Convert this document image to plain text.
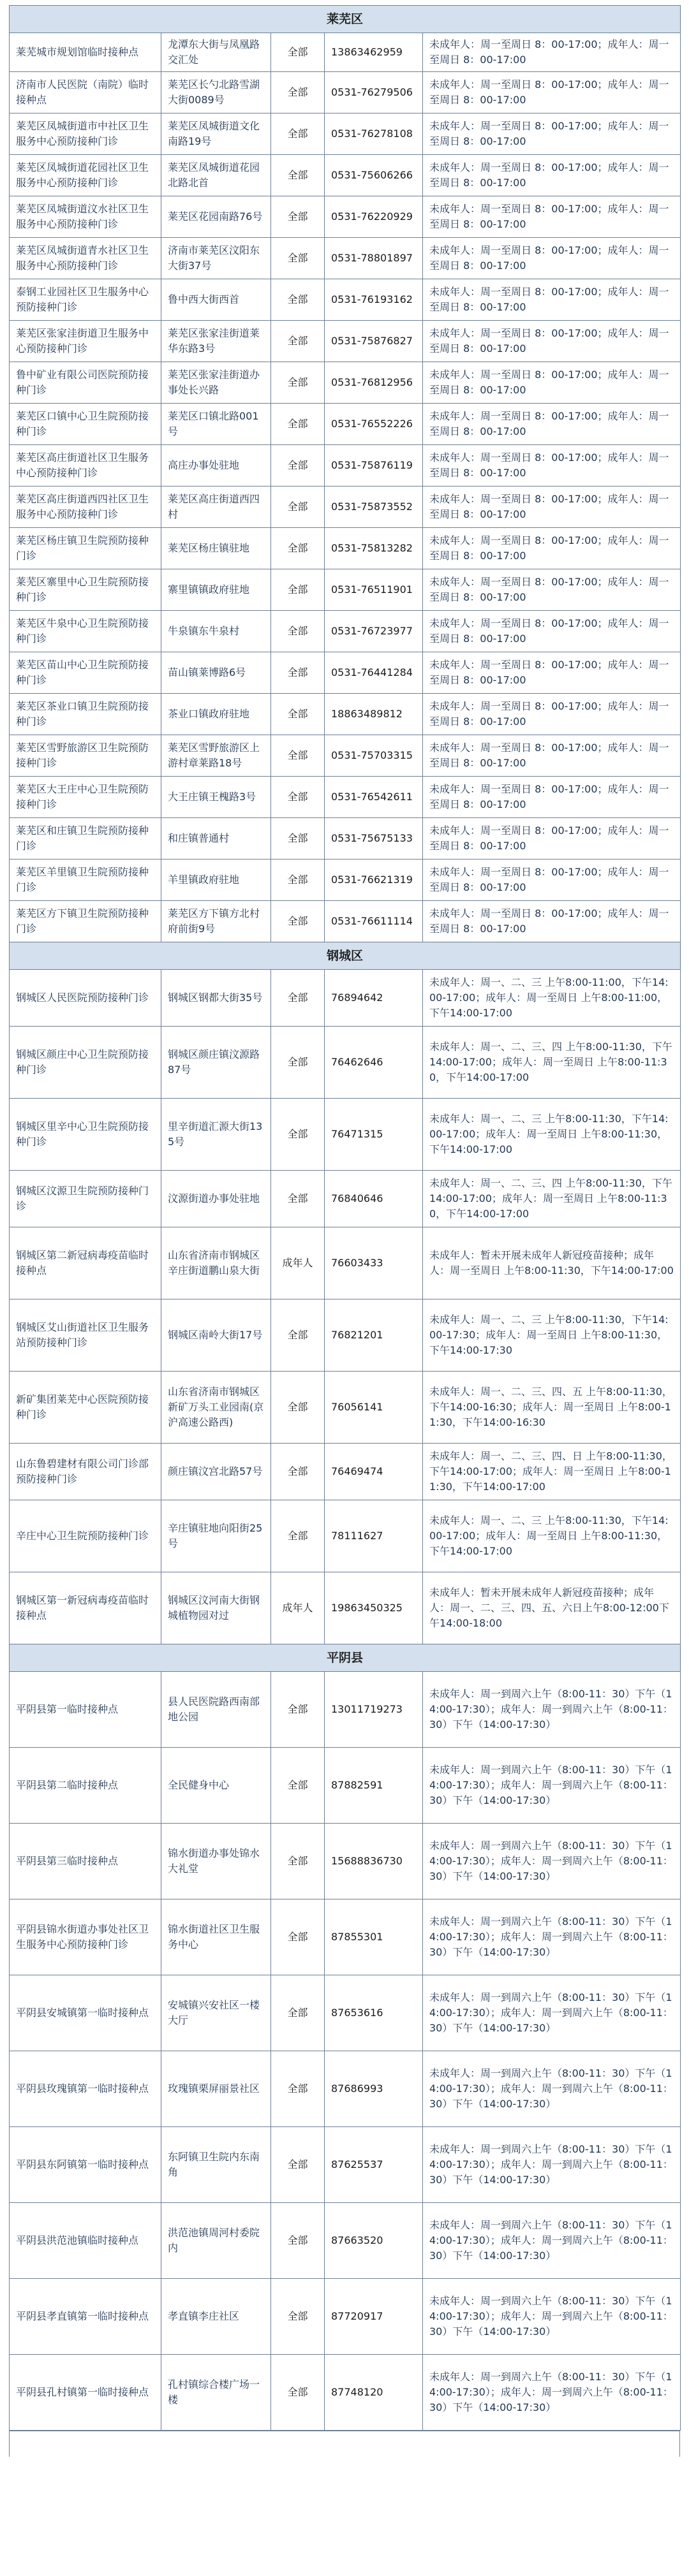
莱芜区				
莱芜城市规划馆临时接种点	龙潭东大街与凤凰路交汇处	全部	13863462959	未成年人：周一至周日 8：00-17:00；成年人：周一至周日 8：00-17:00
济南市人民医院（南院）临时接种点	莱芜区长勺北路雪湖大街0089号	全部	0531-76279506	未成年人：周一至周日 8：00-17:00；成年人：周一至周日 8：00-17:00
莱芜区凤城街道市中社区卫生服务中心预防接种门诊	莱芜区凤城街道文化南路19号	全部	0531-76278108	未成年人：周一至周日 8：00-17:00；成年人：周一至周日 8：00-17:00
莱芜区凤城街道花园社区卫生服务中心预防接种门诊	莱芜区凤城街道花园北路北首	全部	0531-75606266	未成年人：周一至周日 8：00-17:00；成年人：周一至周日 8：00-17:00
莱芜区凤城街道汶水社区卫生服务中心预防接种门诊	莱芜区花园南路76号	全部	0531-76220929	未成年人：周一至周日 8：00-17:00；成年人：周一至周日 8：00-17:00
莱芜区凤城街道青水社区卫生服务中心预防接种门诊	济南市莱芜区汶阳东大街37号	全部	0531-78801897	未成年人：周一至周日 8：00-17:00；成年人：周一至周日 8：00-17:00
泰钢工业园社区卫生服务中心预防接种门诊	鲁中西大街西首	全部	0531-76193162	未成年人：周一至周日 8：00-17:00；成年人：周一至周日 8：00-17:00
莱芜区张家洼街道卫生服务中心预防接种门诊	莱芜区张家洼街道莱华东路3号	全部	0531-75876827	未成年人：周一至周日 8：00-17:00；成年人：周一至周日 8：00-17:00
鲁中矿业有限公司医院预防接种门诊	莱芜区张家洼街道办事处长兴路	全部	0531-76812956	未成年人：周一至周日 8：00-17:00；成年人：周一至周日 8：00-17:00
莱芜区口镇中心卫生院预防接种门诊	莱芜区口镇北路001号	全部	0531-76552226	未成年人：周一至周日 8：00-17:00；成年人：周一至周日 8：00-17:00
莱芜区高庄街道社区卫生服务中心预防接种门诊	高庄办事处驻地	全部	0531-75876119	未成年人：周一至周日 8：00-17:00；成年人：周一至周日 8：00-17:00
莱芜区高庄街道西四社区卫生服务中心预防接种门诊	莱芜区高庄街道西四村	全部	0531-75873552	未成年人：周一至周日 8：00-17:00；成年人：周一至周日 8：00-17:00
莱芜区杨庄镇卫生院预防接种门诊	莱芜区杨庄镇驻地	全部	0531-75813282	未成年人：周一至周日 8：00-17:00；成年人：周一至周日 8：00-17:00
莱芜区寨里中心卫生院预防接种门诊	寨里镇镇政府驻地	全部	0531-76511901	未成年人：周一至周日 8：00-17:00；成年人：周一至周日 8：00-17:00
莱芜区牛泉中心卫生院预防接种门诊	牛泉镇东牛泉村	全部	0531-76723977	未成年人：周一至周日 8：00-17:00；成年人：周一至周日 8：00-17:00
莱芜区苗山中心卫生院预防接种门诊	苗山镇莱博路6号	全部	0531-76441284	未成年人：周一至周日 8：00-17:00；成年人：周一至周日 8：00-17:00
莱芜区茶业口镇卫生院预防接种门诊	茶业口镇政府驻地	全部	18863489812	未成年人：周一至周日 8：00-17:00；成年人：周一至周日 8：00-17:00
莱芜区雪野旅游区卫生院预防接种门诊	莱芜区雪野旅游区上游村章莱路18号	全部	0531-75703315	未成年人：周一至周日 8：00-17:00；成年人：周一至周日 8：00-17:00
莱芜区大王庄中心卫生院预防接种门诊	大王庄镇王槐路3号	全部	0531-76542611	未成年人：周一至周日 8：00-17:00；成年人：周一至周日 8：00-17:00
莱芜区和庄镇卫生院预防接种门诊	和庄镇普通村	全部	0531-75675133	未成年人：周一至周日 8：00-17:00；成年人：周一至周日 8：00-17:00
莱芜区羊里镇卫生院预防接种门诊	羊里镇政府驻地	全部	0531-76621319	未成年人：周一至周日 8：00-17:00；成年人：周一至周日 8：00-17:00
莱芜区方下镇卫生院预防接种门诊	莱芜区方下镇方北村府前街9号	全部	0531-76611114	未成年人：周一至周日 8：00-17:00；成年人：周一至周日 8：00-17:00
钢城区				
钢城区人民医院预防接种门诊	钢城区钢都大街35号	全部	76894642	未成年人：周一、二、三 上午8:00-11:00，下午14:00-17:00；成年人：周一至周日 上午8:00-11:00，下午14:00-17:00
钢城区颜庄中心卫生院预防接种门诊	钢城区颜庄镇汶源路87号	全部	76462646	未成年人：周一、二、三、四 上午8:00-11:30，下午14:00-17:00；成年人：周一至周日 上午8:00-11:30，下午14:00-17:00
钢城区里辛中心卫生院预防接种门诊	里辛街道汇源大街135号	全部	76471315	未成年人：周一、二、三 上午8:00-11:30，下午14:00-17:00；成年人：周一至周日 上午8:00-11:30，下午14:00-17:00
钢城区汶源卫生院预防接种门诊	汶源街道办事处驻地	全部	76840646	未成年人：周一、二、三、四 上午8:00-11:30，下午14:00-17:00；成年人：周一至周日 上午8:00-11:30，下午14:00-17:00
钢城区第二新冠病毒疫苗临时接种点	山东省济南市钢城区辛庄街道鹏山泉大街	成年人	76603433	未成年人：暂未开展未成年人新冠疫苗接种；成年人：周一至周日 上午8:00-11:30，下午14:00-17:00
钢城区艾山街道社区卫生服务站预防接种门诊	钢城区南岭大街17号	全部	76821201	未成年人：周一、二、三 上午8:00-11:30，下午14:00-17:30；成年人：周一至周日 上午8:00-11:30，下午14:00-17:30
新矿集团莱芜中心医院预防接种门诊	山东省济南市钢城区新矿万头工业园南(京沪高速公路西)	全部	76056141	未成年人：周一、二、三、四、五 上午8:00-11:30，下午14:00-16:30；成年人：周一至周日 上午8:00-11:30，下午14:00-16:30
山东鲁碧建材有限公司门诊部预防接种门诊	颜庄镇汶宫北路57号	全部	76469474	未成年人：周一、二、三、四、日 上午8:00-11:30，下午14:00-17:00；成年人：周一至周日 上午8:00-11:30，下午14:00-17:00
辛庄中心卫生院预防接种门诊	辛庄镇驻地向阳街25号	全部	78111627	未成年人：周一、二、三 上午8:00-11:30，下午14:00-17:00；成年人：周一至周日 上午8:00-11:30，下午14:00-17:00
钢城区第一新冠病毒疫苗临时接种点	钢城区汶河南大街钢城植物园对过	成年人	19863450325	未成年人：暂未开展未成年人新冠疫苗接种；成年人：周一、二、三、四、五、六日上午8:00-12:00下午14:00-18:00
平阴县				
平阴县第一临时接种点	县人民医院路西南部地公园	全部	13011719273	未成年人：周一到周六上午（8:00-11：30）下午（14:00-17:30）；成年人：周一到周六上午（8:00-11：30）下午（14:00-17:30）
平阴县第二临时接种点	全民健身中心	全部	87882591	未成年人：周一到周六上午（8:00-11：30）下午（14:00-17:30）；成年人：周一到周六上午（8:00-11：30）下午（14:00-17:30）
平阴县第三临时接种点	锦水街道办事处锦水大礼堂	全部	15688836730	未成年人：周一到周六上午（8:00-11：30）下午（14:00-17:30）；成年人：周一到周六上午（8:00-11：30）下午（14:00-17:30）
平阴县锦水街道办事处社区卫生服务中心预防接种门诊	锦水街道社区卫生服务中心	全部	87855301	未成年人：周一到周六上午（8:00-11：30）下午（14:00-17:30）；成年人：周一到周六上午（8:00-11：30）下午（14:00-17:30）
平阴县安城镇第一临时接种点	安城镇兴安社区一楼大厅	全部	87653616	未成年人：周一到周六上午（8:00-11：30）下午（14:00-17:30）；成年人：周一到周六上午（8:00-11：30）下午（14:00-17:30）
平阴县玫瑰镇第一临时接种点	玫瑰镇栗屏丽景社区	全部	87686993	未成年人：周一到周六上午（8:00-11：30）下午（14:00-17:30）；成年人：周一到周六上午（8:00-11：30）下午（14:00-17:30）
平阴县东阿镇第一临时接种点	东阿镇卫生院内东南角	全部	87625537	未成年人：周一到周六上午（8:00-11：30）下午（14:00-17:30）；成年人：周一到周六上午（8:00-11：30）下午（14:00-17:30）
平阴县洪范池镇临时接种点	洪范池镇周河村委院内	全部	87663520	未成年人：周一到周六上午（8:00-11：30）下午（14:00-17:30）；成年人：周一到周六上午（8:00-11：30）下午（14:00-17:30）
平阴县孝直镇第一临时接种点	孝直镇李庄社区	全部	87720917	未成年人：周一到周六上午（8:00-11：30）下午（14:00-17:30）；成年人：周一到周六上午（8:00-11：30）下午（14:00-17:30）
平阴县孔村镇第一临时接种点	孔村镇综合楼广场一楼	全部	87748120	未成年人：周一到周六上午（8:00-11：30）下午（14:00-17:30）；成年人：周一到周六上午（8:00-11：30）下午（14:00-17:30）
